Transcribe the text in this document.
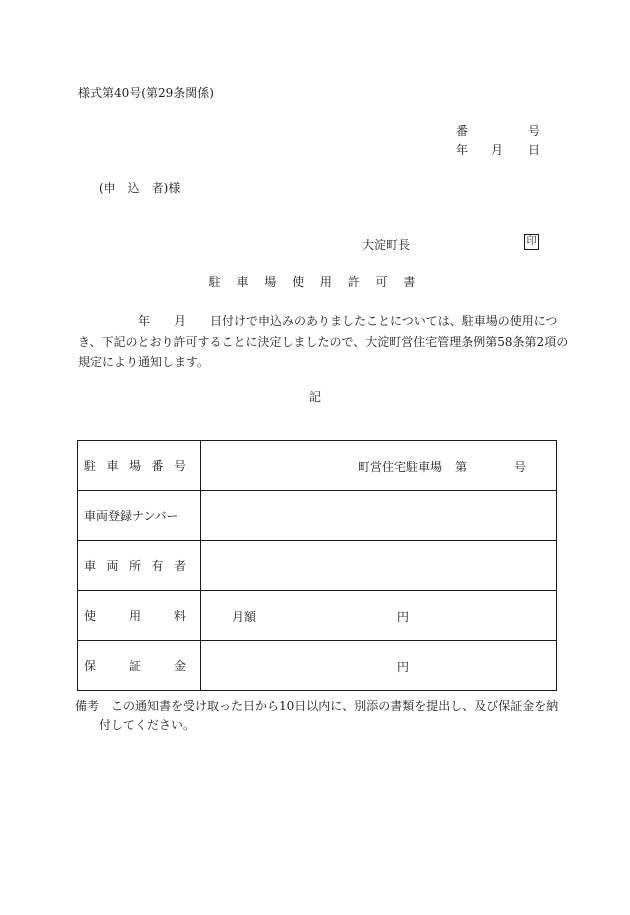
様式第40号(第29条関係)
番	号
年 月 日
(申　込　者)様
大淀町長	印
駐 車 場 使 用 許 可 書
　　　　　年　　月　　日付けで申込みのありましたことについては、駐車場の使用につ
き、下記のとおり許可することに決定しましたので、大淀町営住宅管理条例第58条第2項の
規定により通知します。
記
駐 車 場 番 号	町営住宅駐車場 第 号

車両登録ナンバー	

車 両 所 有 者	

使 用 料	月額 円

保 証 金	円
備考　この通知書を受け取った日から10日以内に、別添の書類を提出し、及び保証金を納
付してください。
